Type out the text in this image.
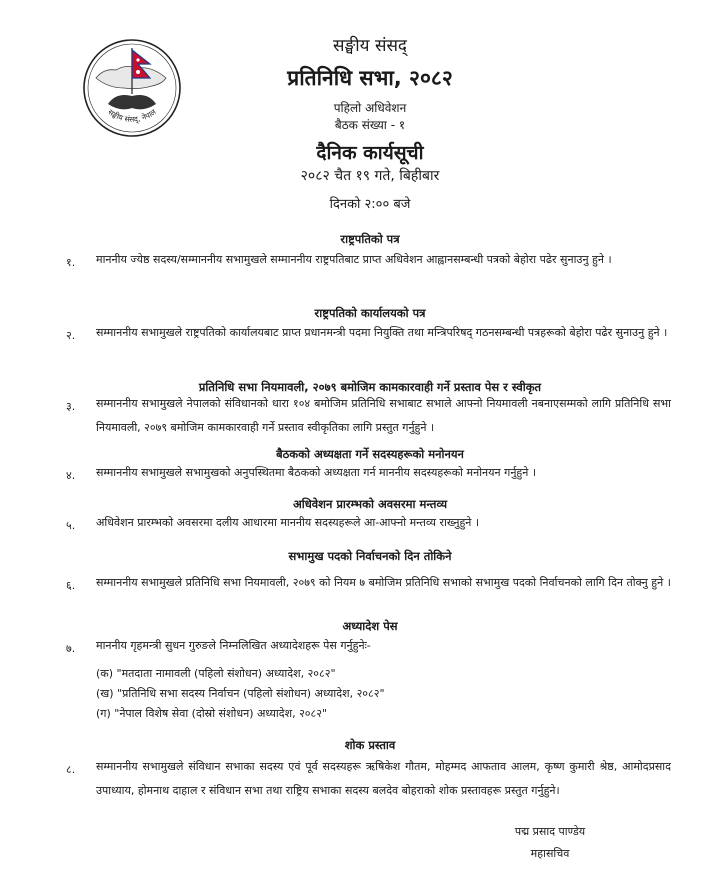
सङ्घीय संसद्, नेपाल
सङ्घीय संसद्
प्रतिनिधि सभा, २०८२
पहिलो अधिवेशन
बैठक संख्या - १
दैनिक कार्यसूची
२०८२ चैत १९ गते, बिहीबार
दिनको २:०० बजे
राष्ट्रपतिको पत्र
१.	माननीय ज्येष्ठ सदस्य/सम्माननीय सभामुखले सम्माननीय राष्ट्रपतिबाट प्राप्त अधिवेशन आह्वानसम्बन्धी पत्रको बेहोरा पढेर सुनाउनु हुने ।
राष्ट्रपतिको कार्यालयको पत्र
२.	सम्माननीय सभामुखले राष्ट्रपतिको कार्यालयबाट प्राप्त प्रधानमन्त्री पदमा नियुक्ति तथा मन्त्रिपरिषद् गठनसम्बन्धी पत्रहरूको बेहोरा पढेर सुनाउनु हुने ।
प्रतिनिधि सभा नियमावली, २०७९ बमोजिम कामकारवाही गर्ने प्रस्ताव पेस र स्वीकृत
३.	सम्माननीय सभामुखले नेपालको संविधानको धारा १०४ बमोजिम प्रतिनिधि सभाबाट सभाले आफ्नो नियमावली नबनाएसम्मको लागि प्रतिनिधि सभा नियमावली, २०७९ बमोजिम कामकारवाही गर्ने प्रस्ताव स्वीकृतिका लागि प्रस्तुत गर्नुहुने ।
बैठकको अध्यक्षता गर्ने सदस्यहरूको मनोनयन
४.	सम्माननीय सभामुखले सभामुखको अनुपस्थितमा बैठकको अध्यक्षता गर्न माननीय सदस्यहरूको मनोनयन गर्नुहुने ।
अधिवेशन प्रारम्भको अवसरमा मन्तव्य
५.	अधिवेशन प्रारम्भको अवसरमा दलीय आधारमा माननीय सदस्यहरूले आ-आफ्नो मन्तव्य राख्नुहुने ।
सभामुख पदको निर्वाचनको दिन तोकिने
६.	सम्माननीय सभामुखले प्रतिनिधि सभा नियमावली, २०७९ को नियम ७ बमोजिम प्रतिनिधि सभाको सभामुख पदको निर्वाचनको लागि दिन तोक्नु हुने ।
अध्यादेश पेस
७.	माननीय गृहमन्त्री सुधन गुरुङले निम्नलिखित अध्यादेशहरू पेस गर्नुहुनेः-
(क) "मतदाता नामावली (पहिलो संशोधन) अध्यादेश, २०८२"
(ख) "प्रतिनिधि सभा सदस्य निर्वाचन (पहिलो संशोधन) अध्यादेश, २०८२"
(ग) "नेपाल विशेष सेवा (दोस्रो संशोधन) अध्यादेश, २०८२"
शोक प्रस्ताव
८.	सम्माननीय सभामुखले संविधान सभाका सदस्य एवं पूर्व सदस्यहरू ऋषिकेश गौतम, मोहम्मद आफताव आलम, कृष्ण कुमारी श्रेष्ठ, आमोदप्रसाद उपाध्याय, होमनाथ दाहाल र संविधान सभा तथा राष्ट्रिय सभाका सदस्य बलदेव बोहराको शोक प्रस्तावहरू प्रस्तुत गर्नुहुने।
पद्म प्रसाद पाण्डेय
महासचिव
